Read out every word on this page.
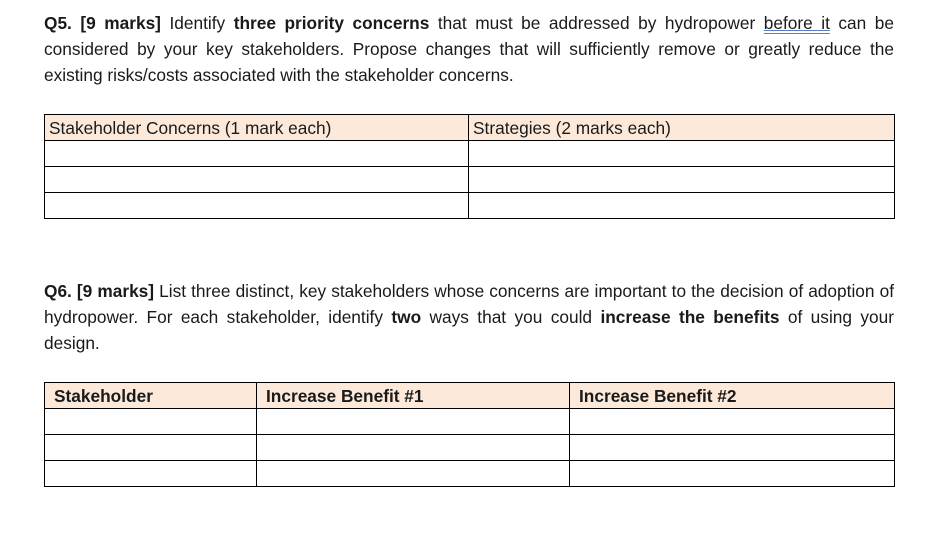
Q5. [9 marks] Identify three priority concerns that must be addressed by hydropower before it can be considered by your key stakeholders. Propose changes that will sufficiently remove or greatly reduce the existing risks/costs associated with the stakeholder concerns.
Stakeholder Concerns (1 mark each)	Strategies (2 marks each)

Q6. [9 marks] List three distinct, key stakeholders whose concerns are important to the decision of adoption of hydropower. For each stakeholder, identify two ways that you could increase the benefits of using your design.
Stakeholder	Increase Benefit #1	Increase Benefit #2
